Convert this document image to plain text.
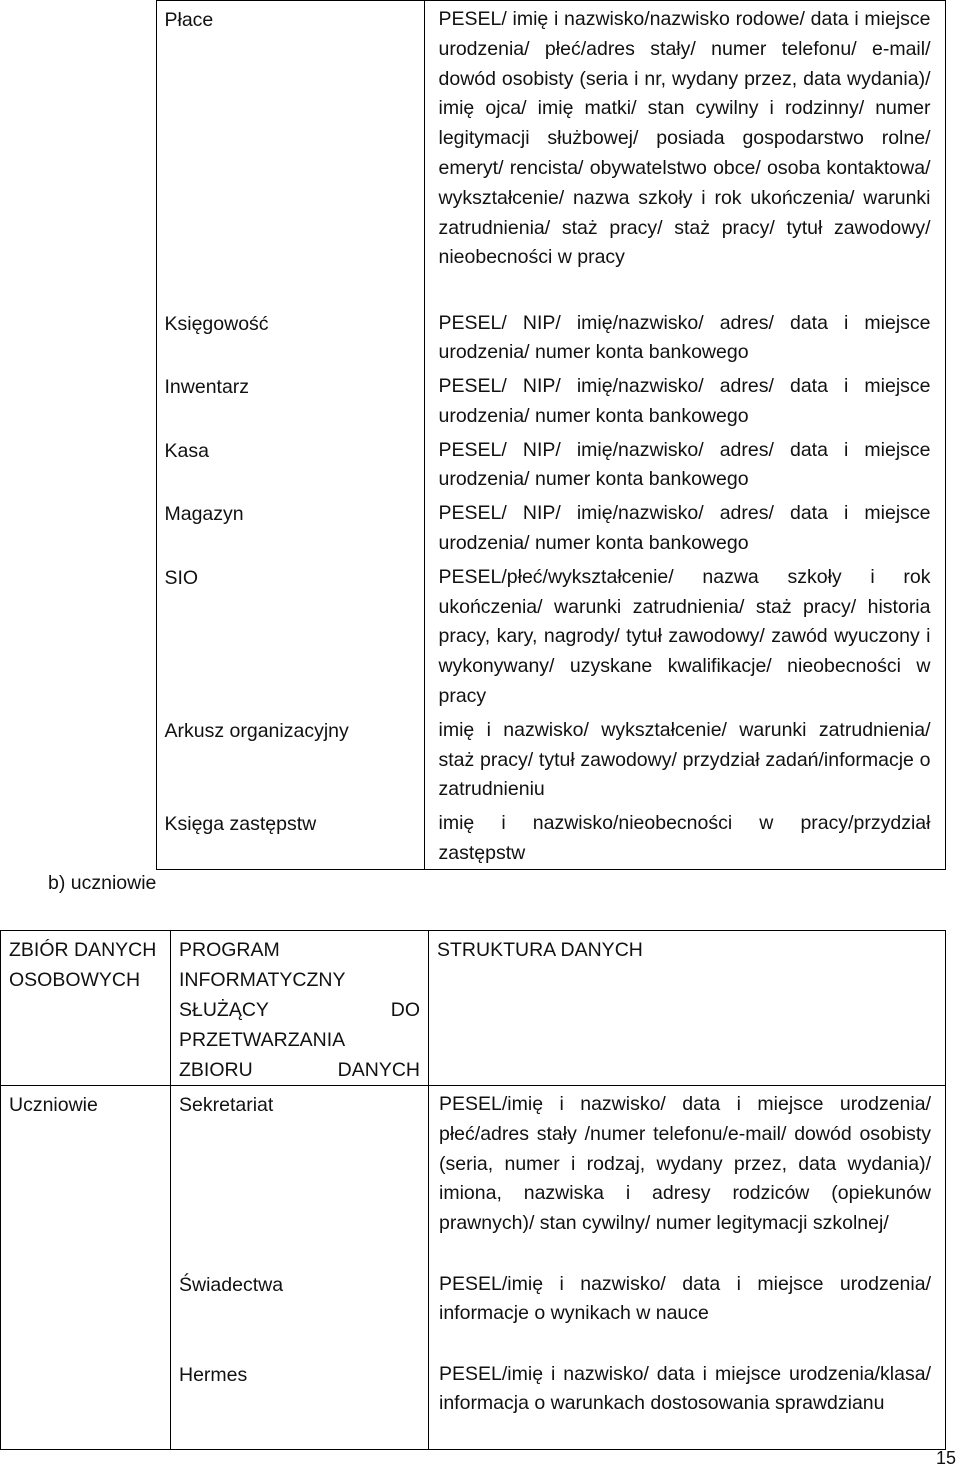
	Płace	PESEL/ imię i nazwisko/nazwisko rodowe/ data i miejsce urodzenia/ płeć/adres stały/ numer telefonu/ e-mail/ dowód osobisty (seria i nr, wydany przez, data wydania)/ imię ojca/ imię matki/ stan cywilny i rodzinny/ numer legitymacji służbowej/ posiada gospodarstwo rolne/ emeryt/ rencista/ obywatelstwo obce/ osoba kontaktowa/ wykształcenie/ nazwa szkoły i rok ukończenia/ warunki zatrudnienia/ staż pracy/ staż pracy/ tytuł zawodowy/ nieobecności w pracy
	Księgowość	PESEL/ NIP/ imię/nazwisko/ adres/ data i miejsce urodzenia/ numer konta bankowego
	Inwentarz	PESEL/ NIP/ imię/nazwisko/ adres/ data i miejsce urodzenia/ numer konta bankowego
	Kasa	PESEL/ NIP/ imię/nazwisko/ adres/ data i miejsce urodzenia/ numer konta bankowego
	Magazyn	PESEL/ NIP/ imię/nazwisko/ adres/ data i miejsce urodzenia/ numer konta bankowego
	SIO	PESEL/płeć/wykształcenie/ nazwa szkoły i rok ukończenia/ warunki zatrudnienia/ staż pracy/ historia pracy, kary, nagrody/ tytuł zawodowy/ zawód wyuczony i wykonywany/ uzyskane kwalifikacje/ nieobecności w pracy
	Arkusz organizacyjny	imię i nazwisko/ wykształcenie/ warunki zatrudnienia/ staż pracy/ tytuł zawodowy/ przydział zadań/informacje o zatrudnieniu
	Księga zastępstw	imię i nazwisko/nieobecności w pracy/przydział zastępstw
b) uczniowie
ZBIÓR DANYCH OSOBOWYCH	PROGRAM INFORMATYCZNY SŁUŻĄCY DO PRZETWARZANIA ZBIORU DANYCH	STRUKTURA DANYCH
Uczniowie	Sekretariat	PESEL/imię i nazwisko/ data i miejsce urodzenia/ płeć/adres stały /numer telefonu/e-mail/ dowód osobisty (seria, numer i rodzaj, wydany przez, data wydania)/ imiona, nazwiska i adresy rodziców (opiekunów prawnych)/ stan cywilny/ numer legitymacji szkolnej/
	Świadectwa	PESEL/imię i nazwisko/ data i miejsce urodzenia/ informacje o wynikach w nauce
	Hermes	PESEL/imię i nazwisko/ data i miejsce urodzenia/klasa/ informacja o warunkach dostosowania sprawdzianu
15
